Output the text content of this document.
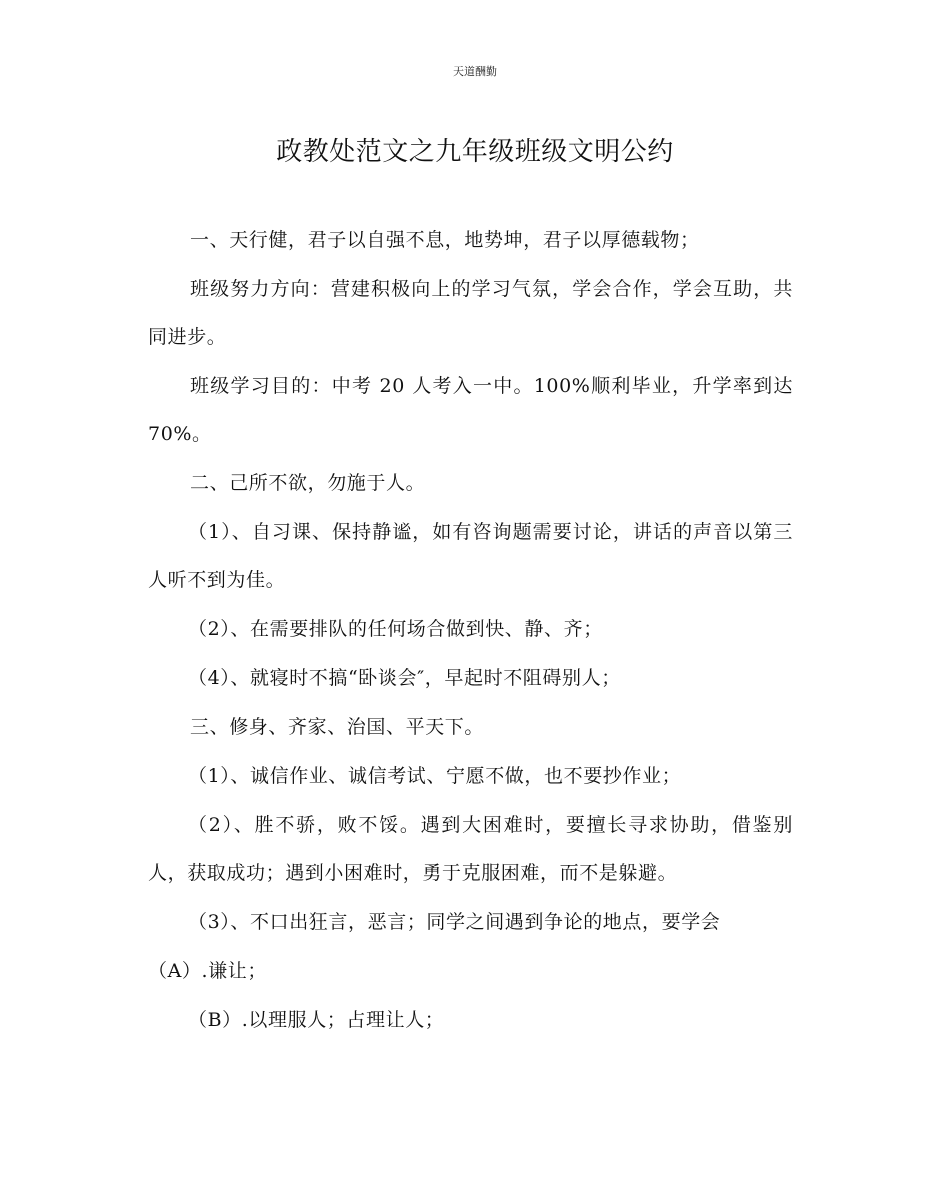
天道酬勤
政教处范文之九年级班级文明公约

一、天行健，君子以自强不息，地势坤，君子以厚德载物；

班级努力方向：营建积极向上的学习气氛，学会合作，学会互助，共同进步。

班级学习目的：中考 20 人考入一中。100%顺利毕业，升学率到达 70%。

二、己所不欲，勿施于人。

（1）、自习课、保持静谧，如有咨询题需要讨论，讲话的声音以第三人听不到为佳。

（2）、在需要排队的任何场合做到快、静、齐；

（4）、就寝时不搞“卧谈会″，早起时不阻碍别人；

三、修身、齐家、治国、平天下。

（1）、诚信作业、诚信考试、宁愿不做，也不要抄作业；

（2）、胜不骄，败不馁。遇到大困难时，要擅长寻求协助，借鉴别人，获取成功；遇到小困难时，勇于克服困难，而不是躲避。

（3）、不口出狂言，恶言；同学之间遇到争论的地点，要学会

（A）.谦让；

（B）.以理服人；占理让人；
